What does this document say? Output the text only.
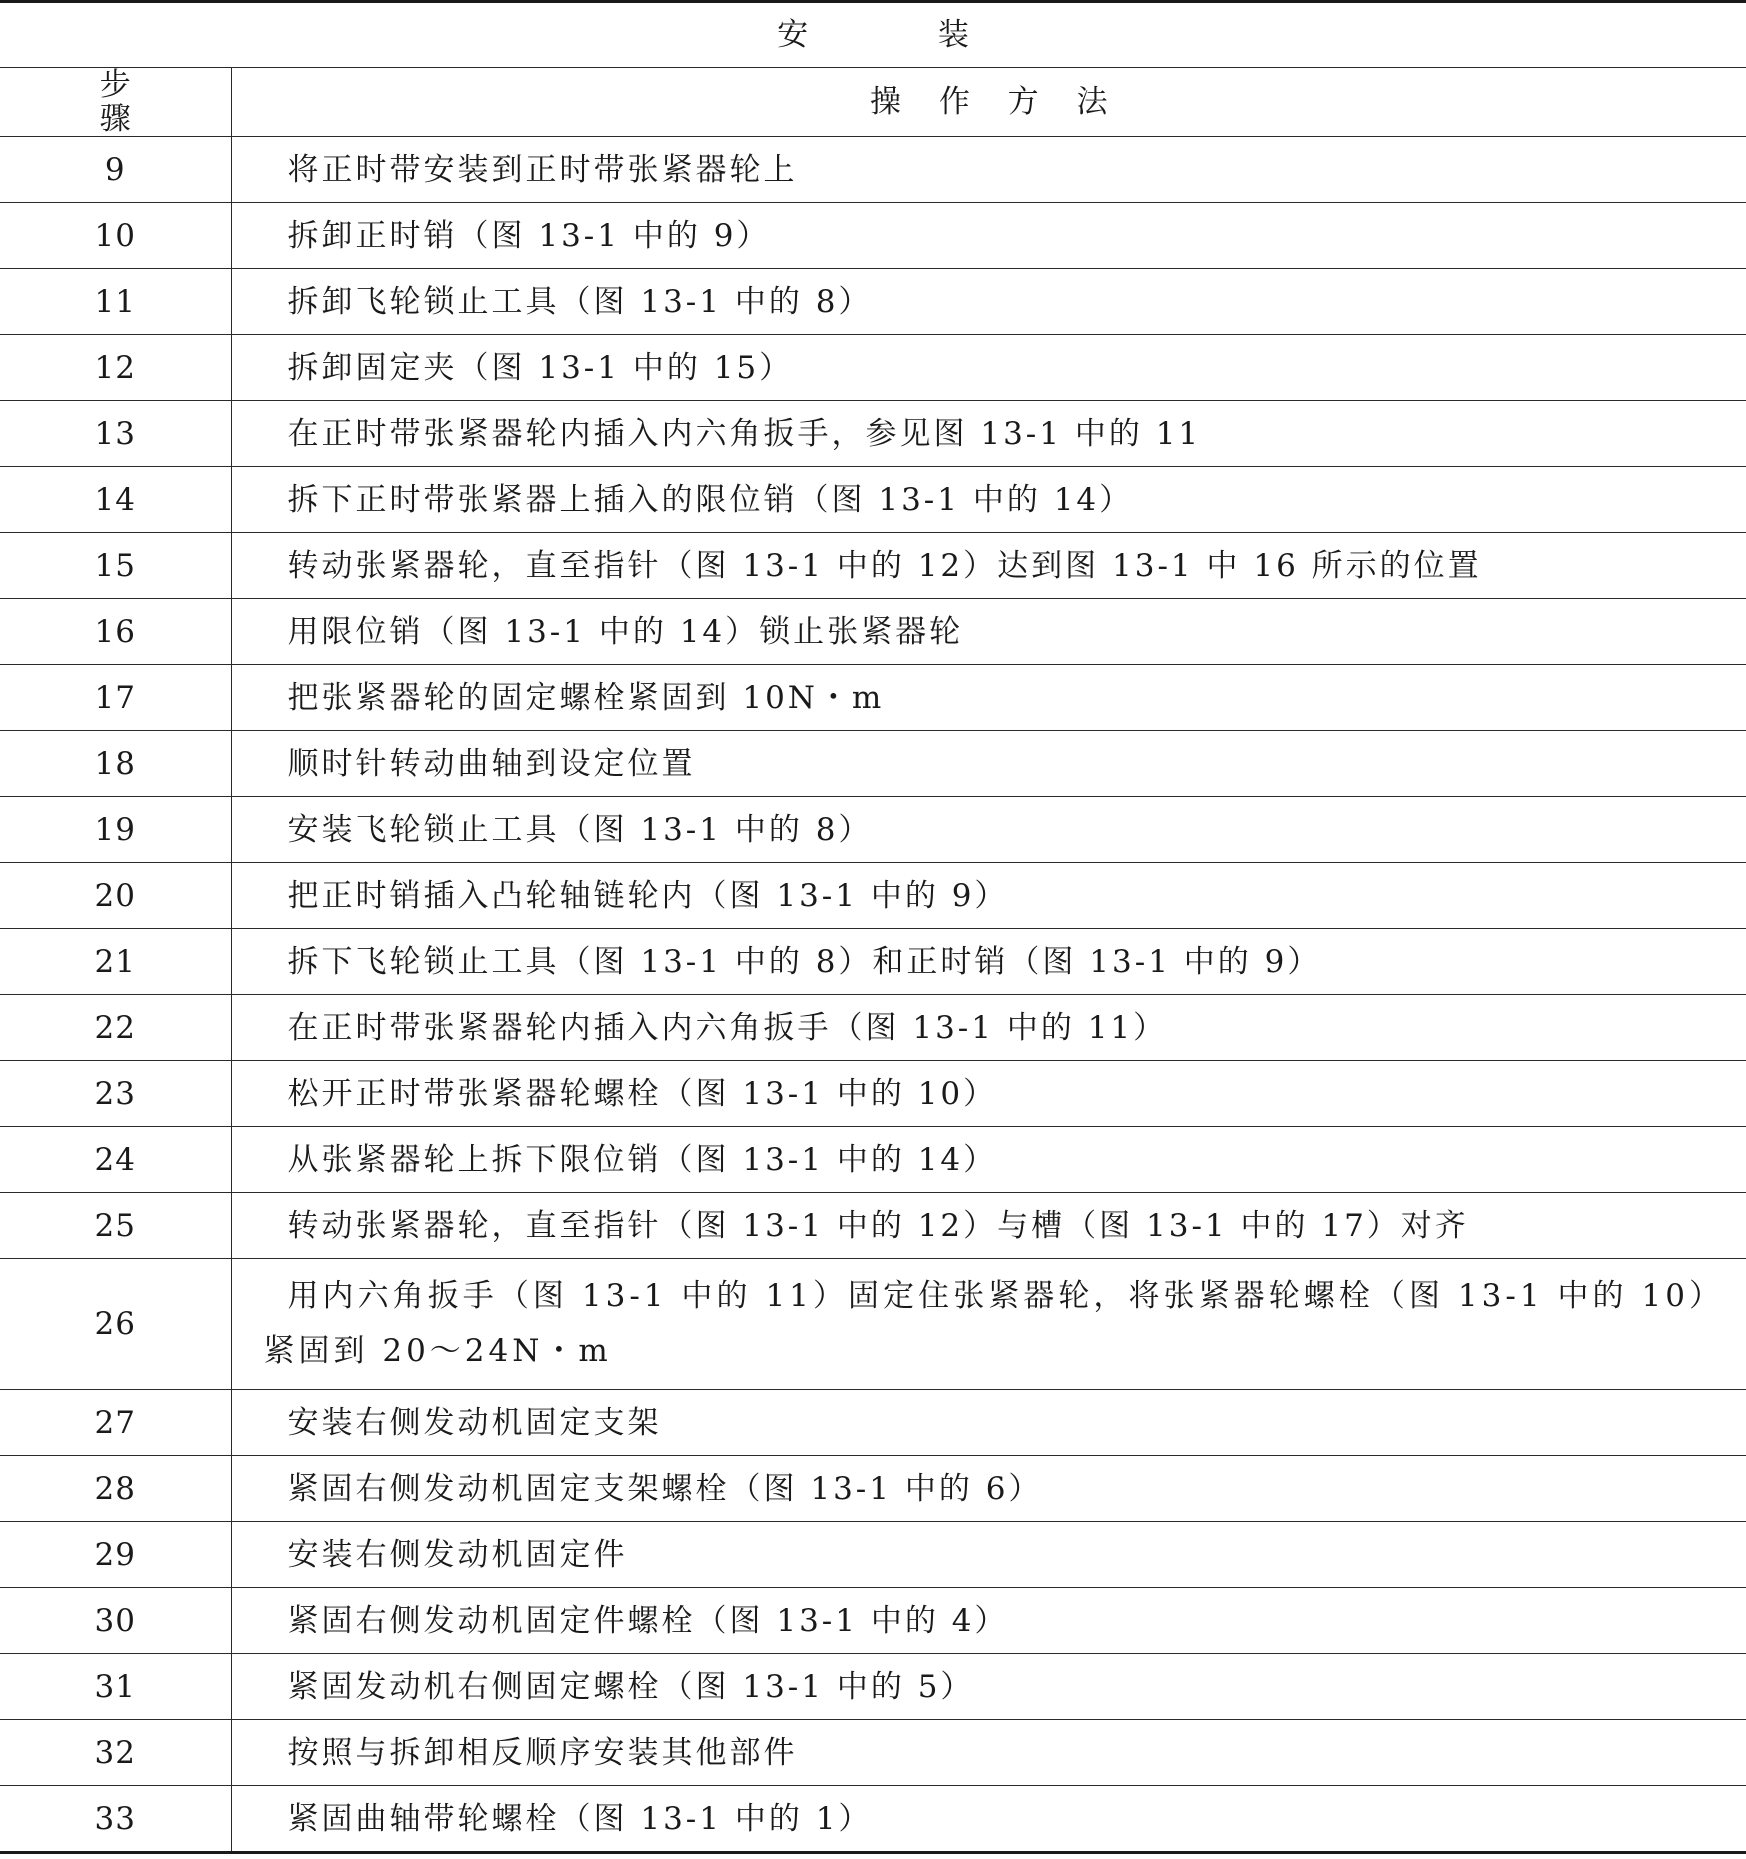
安 装	
步 骤	操 作 方 法
9	将正时带安装到正时带张紧器轮上
10	拆卸正时销（图 13-1 中的 9）
11	拆卸飞轮锁止工具（图 13-1 中的 8）
12	拆卸固定夹（图 13-1 中的 15）
13	在正时带张紧器轮内插入内六角扳手，参见图 13-1 中的 11
14	拆下正时带张紧器上插入的限位销（图 13-1 中的 14）
15	转动张紧器轮，直至指针（图 13-1 中的 12）达到图 13-1 中 16 所示的位置
16	用限位销（图 13-1 中的 14）锁止张紧器轮
17	把张紧器轮的固定螺栓紧固到 10N・m
18	顺时针转动曲轴到设定位置
19	安装飞轮锁止工具（图 13-1 中的 8）
20	把正时销插入凸轮轴链轮内（图 13-1 中的 9）
21	拆下飞轮锁止工具（图 13-1 中的 8）和正时销（图 13-1 中的 9）
22	在正时带张紧器轮内插入内六角扳手（图 13-1 中的 11）
23	松开正时带张紧器轮螺栓（图 13-1 中的 10）
24	从张紧器轮上拆下限位销（图 13-1 中的 14）
25	转动张紧器轮，直至指针（图 13-1 中的 12）与槽（图 13-1 中的 17）对齐
26	用内六角扳手（图 13-1 中的 11）固定住张紧器轮，将张紧器轮螺栓（图 13-1 中的 10）紧固到 20～24N・m
27	安装右侧发动机固定支架
28	紧固右侧发动机固定支架螺栓（图 13-1 中的 6）
29	安装右侧发动机固定件
30	紧固右侧发动机固定件螺栓（图 13-1 中的 4）
31	紧固发动机右侧固定螺栓（图 13-1 中的 5）
32	按照与拆卸相反顺序安装其他部件
33	紧固曲轴带轮螺栓（图 13-1 中的 1）
